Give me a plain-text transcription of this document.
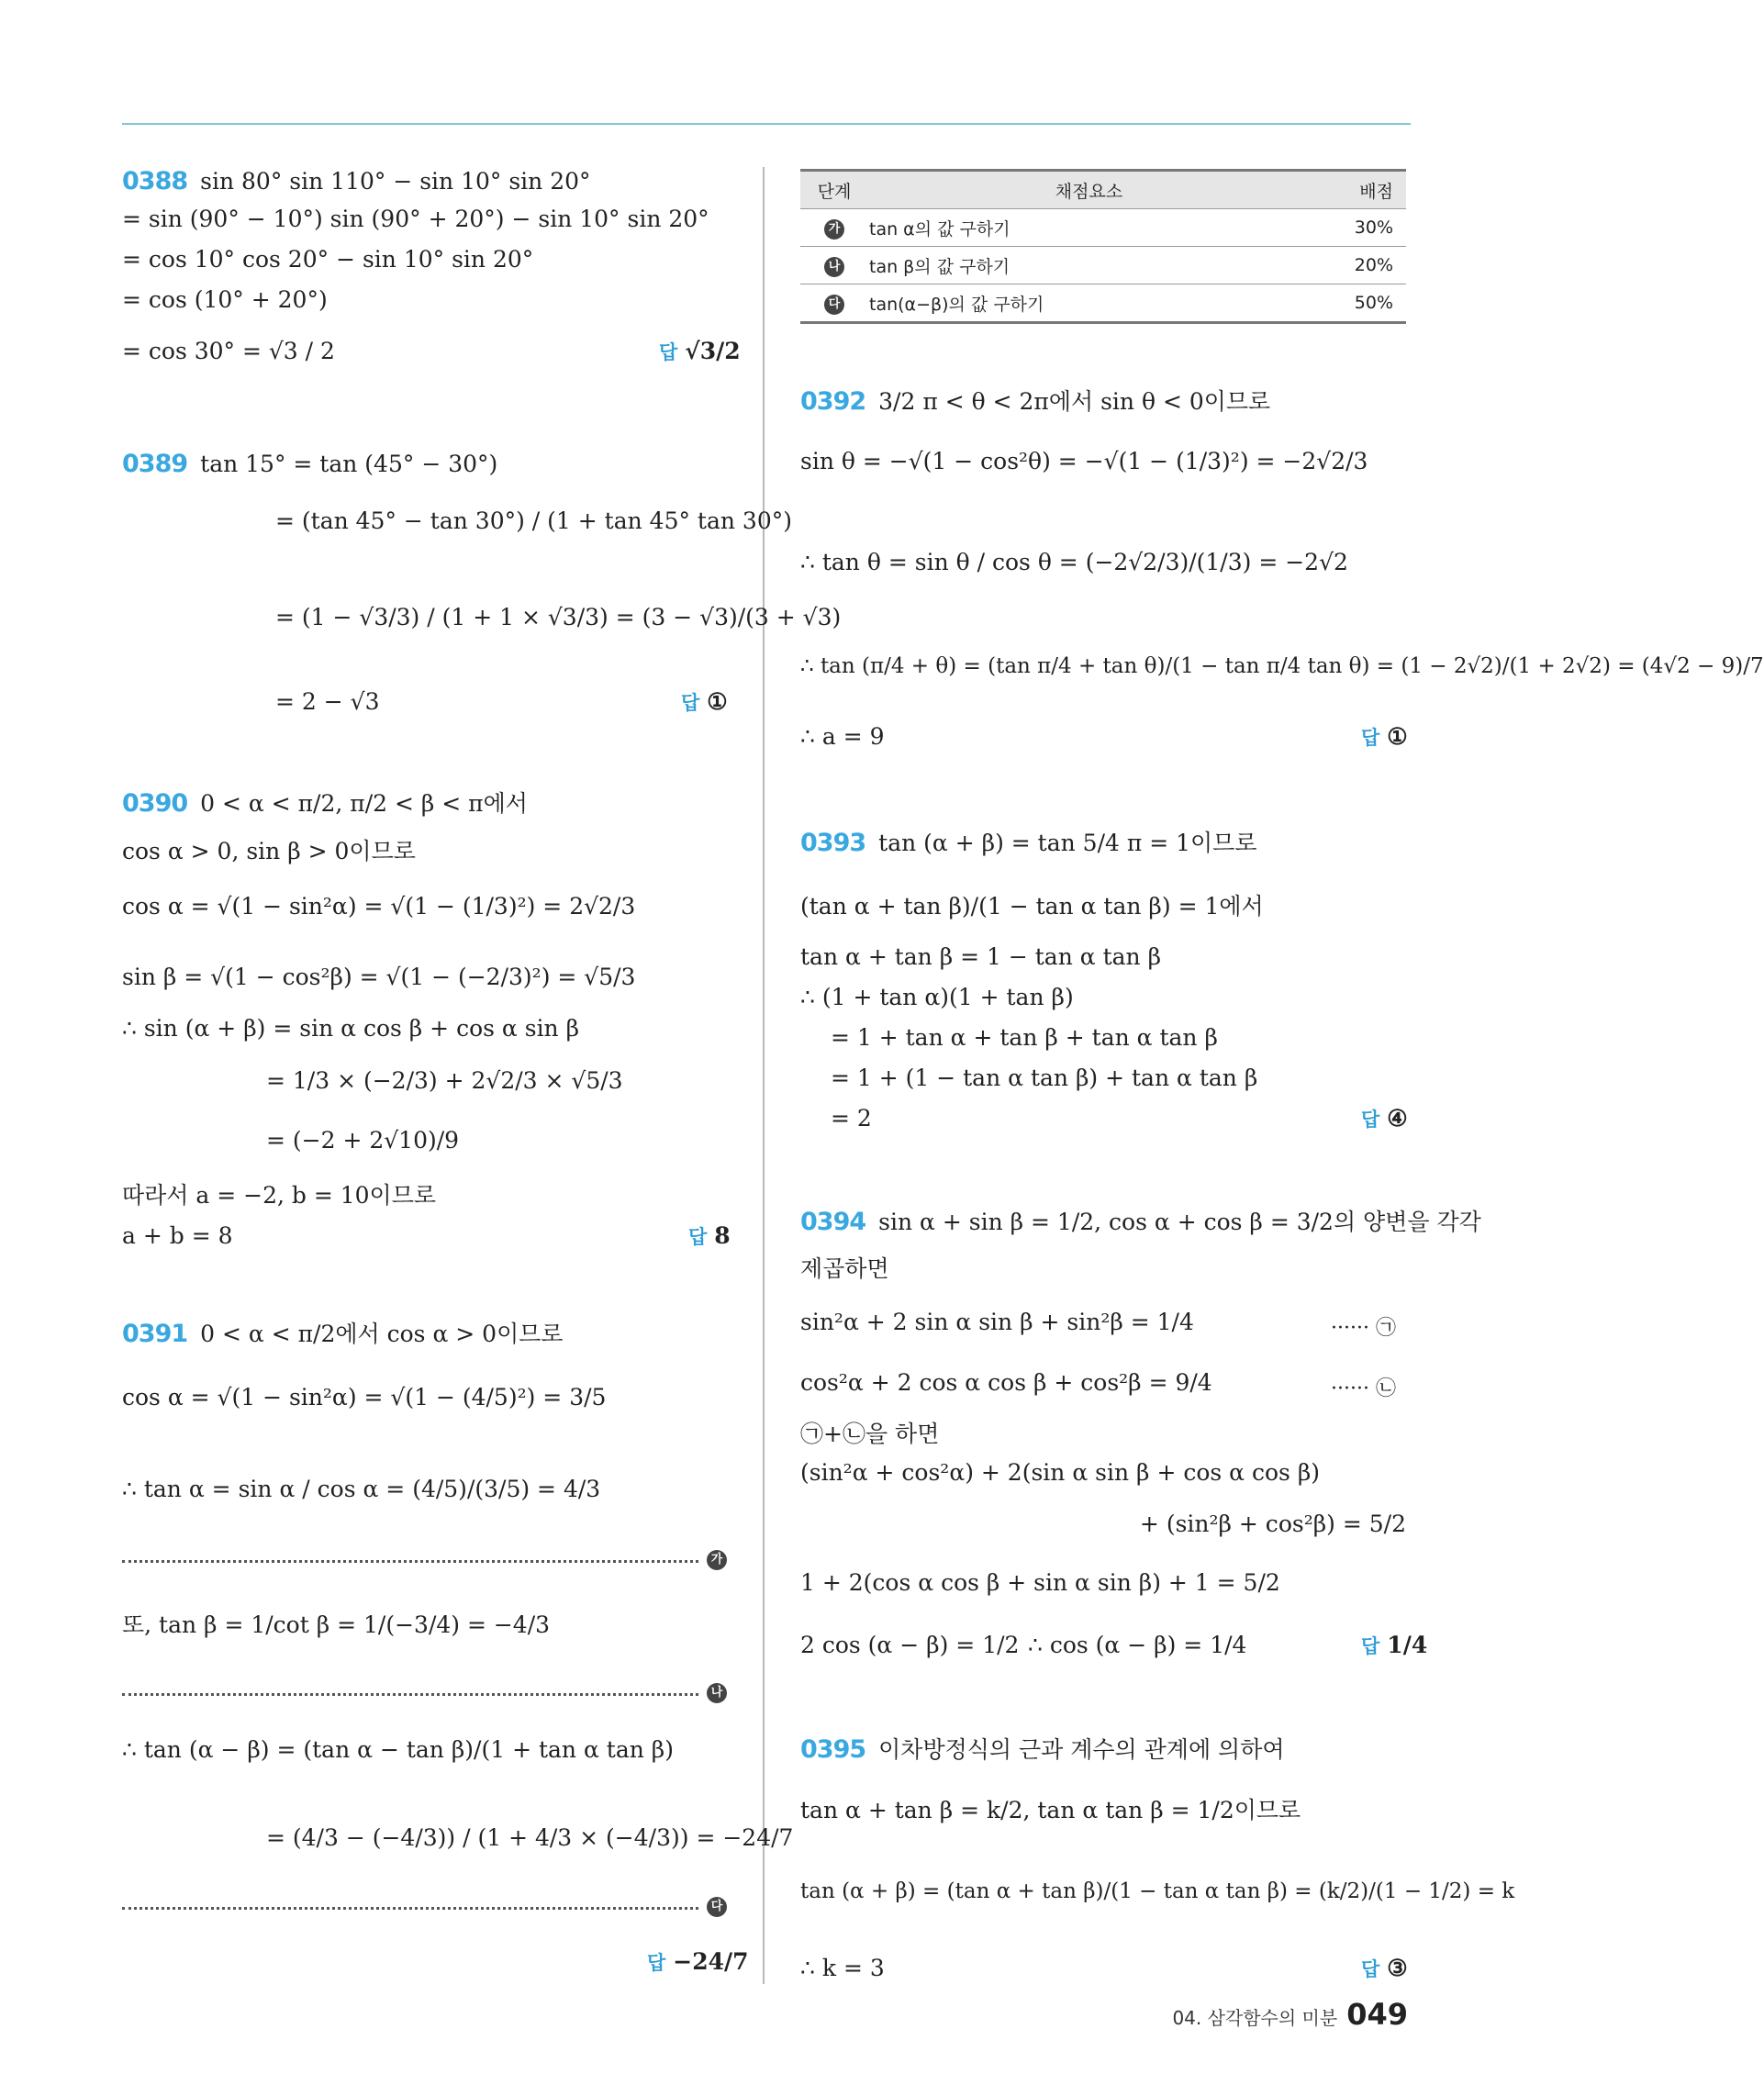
0388 sin 80° sin 110° − sin 10° sin 20°
= sin (90° − 10°) sin (90° + 20°) − sin 10° sin 20°
= cos 10° cos 20° − sin 10° sin 20°
= cos (10° + 20°)
= cos 30° = √3 / 2	답 √3/2
0389 tan 15° = tan (45° − 30°)
= (tan 45° − tan 30°) / (1 + tan 45° tan 30°)
= (1 − √3/3) / (1 + 1 × √3/3) = (3 − √3)/(3 + √3)
= 2 − √3	답 ①
0390 0 < α < π/2, π/2 < β < π에서
cos α > 0, sin β > 0이므로
cos α = √(1 − sin²α) = √(1 − (1/3)²) = 2√2/3
sin β = √(1 − cos²β) = √(1 − (−2/3)²) = √5/3
∴ sin (α + β) = sin α cos β + cos α sin β
= 1/3 × (−2/3) + 2√2/3 × √5/3
= (−2 + 2√10)/9
따라서 a = −2, b = 10이므로
a + b = 8	답 8
0391 0 < α < π/2에서 cos α > 0이므로
cos α = √(1 − sin²α) = √(1 − (4/5)²) = 3/5
∴ tan α = sin α / cos α = (4/5)/(3/5) = 4/3
가
또, tan β = 1/cot β = 1/(−3/4) = −4/3
나
∴ tan (α − β) = (tan α − tan β)/(1 + tan α tan β)
= (4/3 − (−4/3)) / (1 + 4/3 × (−4/3)) = −24/7
다
답 −24/7
단계	채점요소	배점
가	tan α의 값 구하기	30%
나	tan β의 값 구하기	20%
다	tan(α−β)의 값 구하기	50%
0392 3/2 π < θ < 2π에서 sin θ < 0이므로
sin θ = −√(1 − cos²θ) = −√(1 − (1/3)²) = −2√2/3
∴ tan θ = sin θ / cos θ = (−2√2/3)/(1/3) = −2√2
∴ tan (π/4 + θ) = (tan π/4 + tan θ)/(1 − tan π/4 tan θ) = (1 − 2√2)/(1 + 2√2) = (4√2 − 9)/7
∴ a = 9	답 ①
0393 tan (α + β) = tan 5/4 π = 1이므로
(tan α + tan β)/(1 − tan α tan β) = 1에서
tan α + tan β = 1 − tan α tan β
∴ (1 + tan α)(1 + tan β)
= 1 + tan α + tan β + tan α tan β
= 1 + (1 − tan α tan β) + tan α tan β
= 2	답 ④
0394 sin α + sin β = 1/2, cos α + cos β = 3/2의 양변을 각각
제곱하면
sin²α + 2 sin α sin β + sin²β = 1/4	······ ㉠
cos²α + 2 cos α cos β + cos²β = 9/4	······ ㉡
㉠+㉡을 하면
(sin²α + cos²α) + 2(sin α sin β + cos α cos β)
+ (sin²β + cos²β) = 5/2
1 + 2(cos α cos β + sin α sin β) + 1 = 5/2
2 cos (α − β) = 1/2 ∴ cos (α − β) = 1/4	답 1/4
0395 이차방정식의 근과 계수의 관계에 의하여
tan α + tan β = k/2, tan α tan β = 1/2이므로
tan (α + β) = (tan α + tan β)/(1 − tan α tan β) = (k/2)/(1 − 1/2) = k
∴ k = 3	답 ③
04. 삼각함수의 미분 049
